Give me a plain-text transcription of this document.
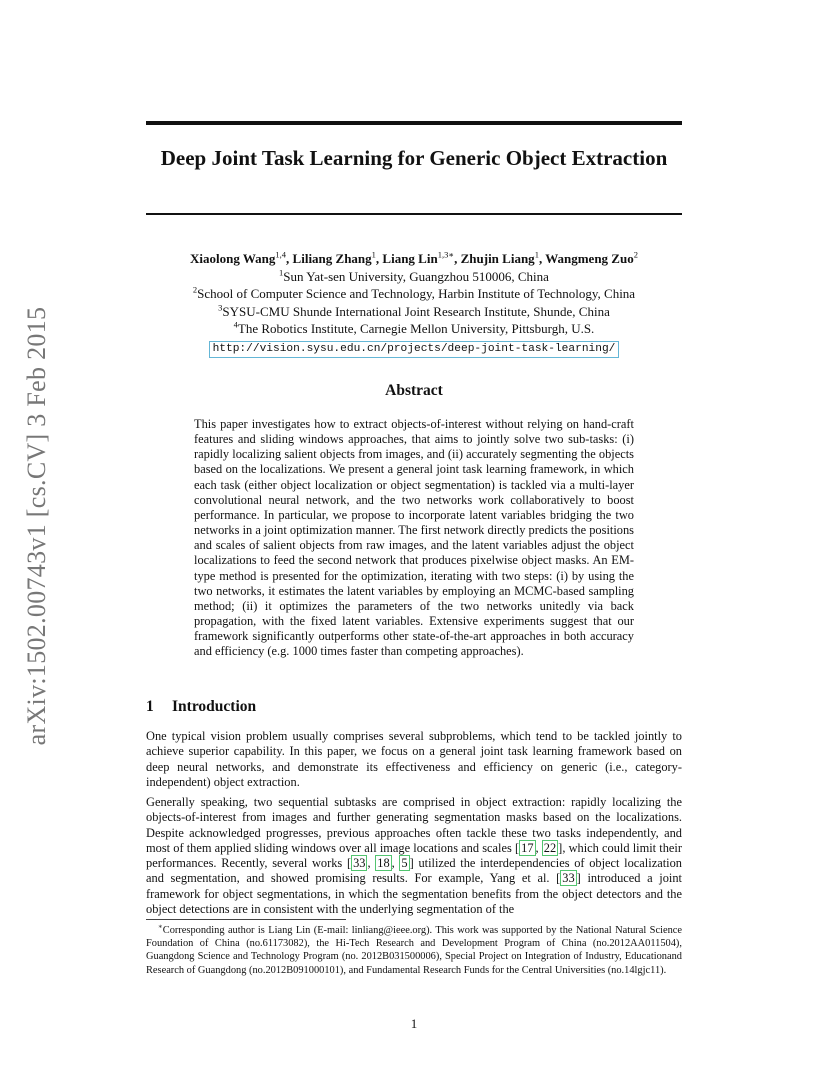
arXiv:1502.00743v1 [cs.CV] 3 Feb 2015
Deep Joint Task Learning for Generic Object Extraction
Xiaolong Wang$^{1,4}$, Liliang Zhang$^1$, Liang Lin$^{1,3∗}$, Zhujin Liang$^1$, Wangmeng Zuo$^2$
$^1$Sun Yat-sen University, Guangzhou 510006, China
$^2$School of Computer Science and Technology, Harbin Institute of Technology, China
$^3$SYSU-CMU Shunde International Joint Research Institute, Shunde, China
$^4$The Robotics Institute, Carnegie Mellon University, Pittsburgh, U.S.
http://vision.sysu.edu.cn/projects/deep-joint-task-learning/
Abstract
This paper investigates how to extract objects-of-interest without relying on hand-craft features and sliding windows approaches, that aims to jointly solve two sub-tasks: (i) rapidly localizing salient objects from images, and (ii) accurately segmenting the objects based on the localizations. We present a general joint task learning framework, in which each task (either object localization or object segmentation) is tackled via a multi-layer convolutional neural network, and the two networks work collaboratively to boost performance. In particular, we propose to incorporate latent variables bridging the two networks in a joint optimization manner. The first network directly predicts the positions and scales of salient objects from raw images, and the latent variables adjust the object localizations to feed the second network that produces pixelwise object masks. An EM-type method is presented for the optimization, iterating with two steps: (i) by using the two networks, it estimates the latent variables by employing an MCMC-based sampling method; (ii) it optimizes the parameters of the two networks unitedly via back propagation, with the fixed latent variables. Extensive experiments suggest that our framework significantly outperforms other state-of-the-art approaches in both accuracy and efficiency (e.g. 1000 times faster than competing approaches).
1 Introduction
One typical vision problem usually comprises several subproblems, which tend to be tackled jointly to achieve superior capability. In this paper, we focus on a general joint task learning framework based on deep neural networks, and demonstrate its effectiveness and efficiency on generic (i.e., category-independent) object extraction.
Generally speaking, two sequential subtasks are comprised in object extraction: rapidly localizing the objects-of-interest from images and further generating segmentation masks based on the localizations. Despite acknowledged progresses, previous approaches often tackle these two tasks independently, and most of them applied sliding windows over all image locations and scales [ 17 , 22 ], which could limit their performances. Recently, several works [ 33 , 18 , 5 ] utilized the interdependencies of object localization and segmentation, and showed promising results. For example, Yang et al. [ 33 ] introduced a joint framework for object segmentations, in which the segmentation benefits from the object detectors and the object detections are in consistent with the underlying segmentation of the
∗Corresponding author is Liang Lin (E-mail: linliang@ieee.org). This work was supported by the National Natural Science Foundation of China (no.61173082), the Hi-Tech Research and Development Program of China (no.2012AA011504), Guangdong Science and Technology Program (no. 2012B031500006), Special Project on Integration of Industry, Educationand Research of Guangdong (no.2012B091000101), and Fundamental Research Funds for the Central Universities (no.14lgjc11).
1
